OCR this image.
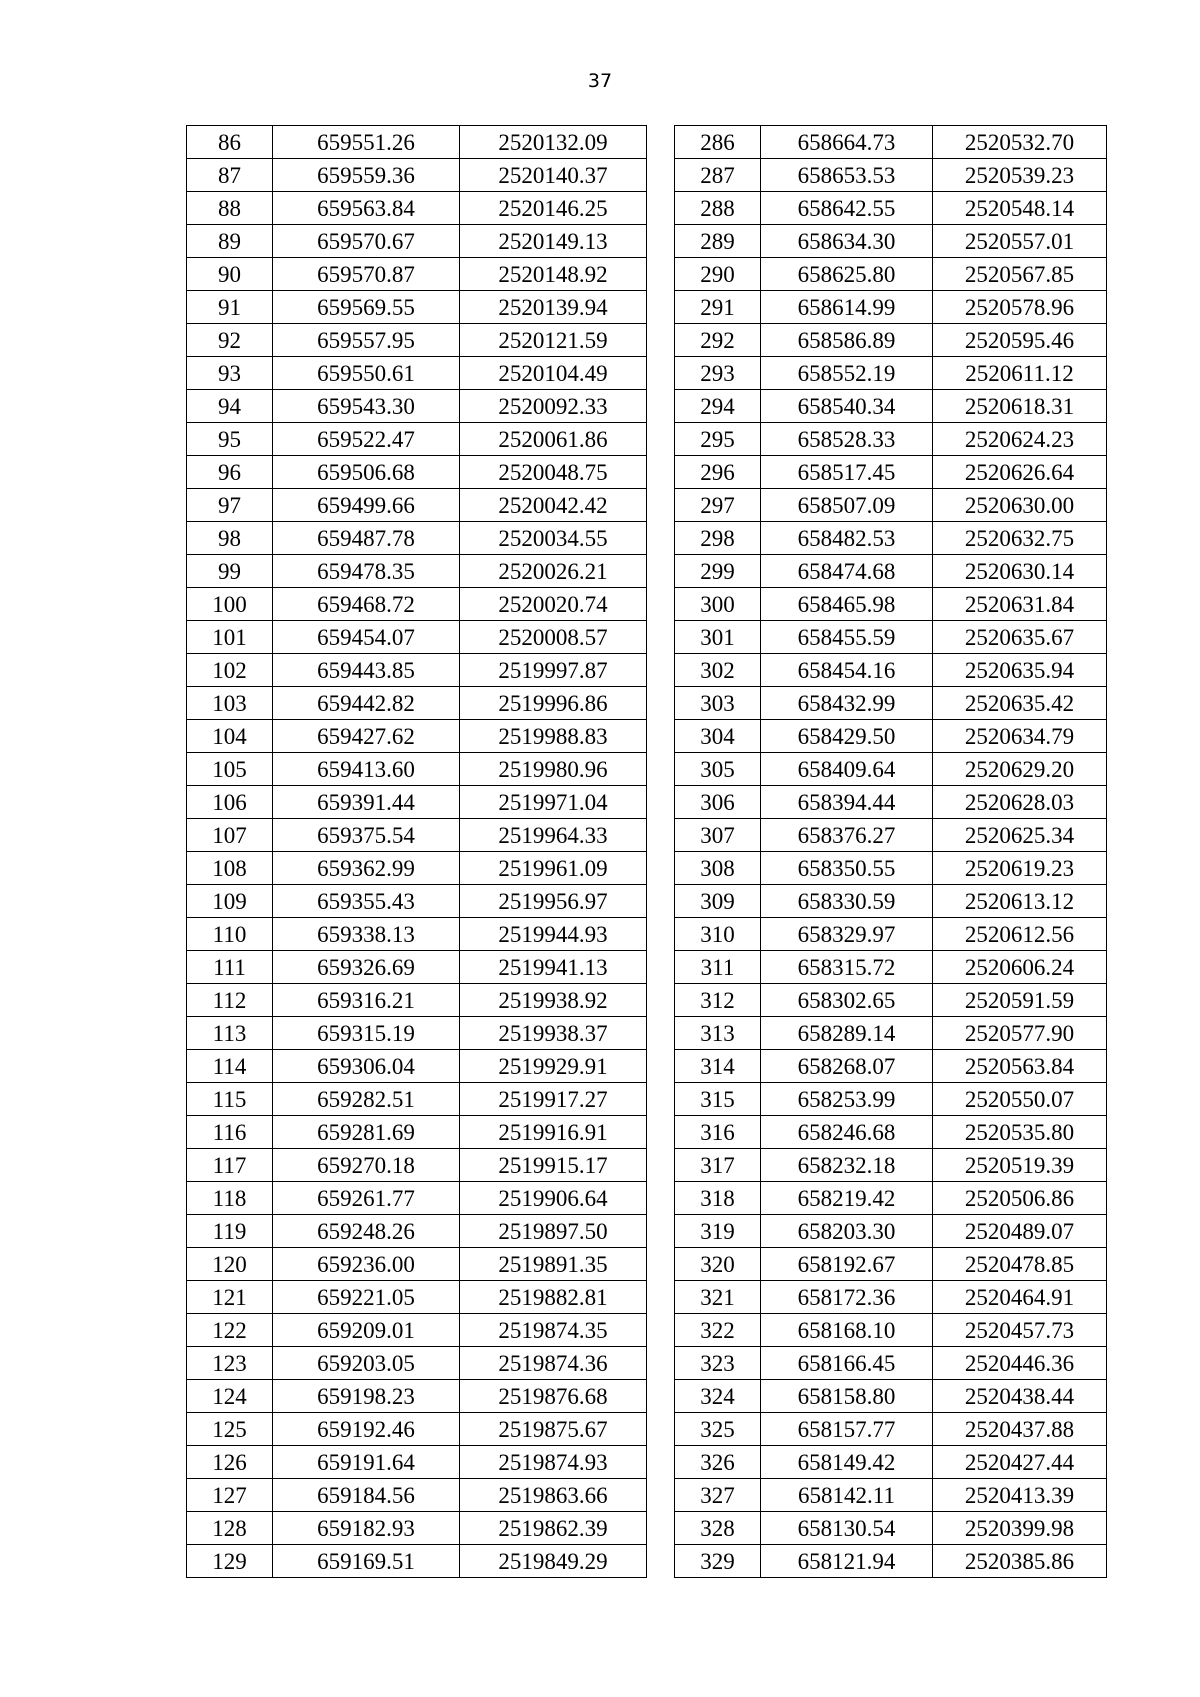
37
86	659551.26	2520132.09
87	659559.36	2520140.37
88	659563.84	2520146.25
89	659570.67	2520149.13
90	659570.87	2520148.92
91	659569.55	2520139.94
92	659557.95	2520121.59
93	659550.61	2520104.49
94	659543.30	2520092.33
95	659522.47	2520061.86
96	659506.68	2520048.75
97	659499.66	2520042.42
98	659487.78	2520034.55
99	659478.35	2520026.21
100	659468.72	2520020.74
101	659454.07	2520008.57
102	659443.85	2519997.87
103	659442.82	2519996.86
104	659427.62	2519988.83
105	659413.60	2519980.96
106	659391.44	2519971.04
107	659375.54	2519964.33
108	659362.99	2519961.09
109	659355.43	2519956.97
110	659338.13	2519944.93
111	659326.69	2519941.13
112	659316.21	2519938.92
113	659315.19	2519938.37
114	659306.04	2519929.91
115	659282.51	2519917.27
116	659281.69	2519916.91
117	659270.18	2519915.17
118	659261.77	2519906.64
119	659248.26	2519897.50
120	659236.00	2519891.35
121	659221.05	2519882.81
122	659209.01	2519874.35
123	659203.05	2519874.36
124	659198.23	2519876.68
125	659192.46	2519875.67
126	659191.64	2519874.93
127	659184.56	2519863.66
128	659182.93	2519862.39
129	659169.51	2519849.29
286	658664.73	2520532.70
287	658653.53	2520539.23
288	658642.55	2520548.14
289	658634.30	2520557.01
290	658625.80	2520567.85
291	658614.99	2520578.96
292	658586.89	2520595.46
293	658552.19	2520611.12
294	658540.34	2520618.31
295	658528.33	2520624.23
296	658517.45	2520626.64
297	658507.09	2520630.00
298	658482.53	2520632.75
299	658474.68	2520630.14
300	658465.98	2520631.84
301	658455.59	2520635.67
302	658454.16	2520635.94
303	658432.99	2520635.42
304	658429.50	2520634.79
305	658409.64	2520629.20
306	658394.44	2520628.03
307	658376.27	2520625.34
308	658350.55	2520619.23
309	658330.59	2520613.12
310	658329.97	2520612.56
311	658315.72	2520606.24
312	658302.65	2520591.59
313	658289.14	2520577.90
314	658268.07	2520563.84
315	658253.99	2520550.07
316	658246.68	2520535.80
317	658232.18	2520519.39
318	658219.42	2520506.86
319	658203.30	2520489.07
320	658192.67	2520478.85
321	658172.36	2520464.91
322	658168.10	2520457.73
323	658166.45	2520446.36
324	658158.80	2520438.44
325	658157.77	2520437.88
326	658149.42	2520427.44
327	658142.11	2520413.39
328	658130.54	2520399.98
329	658121.94	2520385.86
